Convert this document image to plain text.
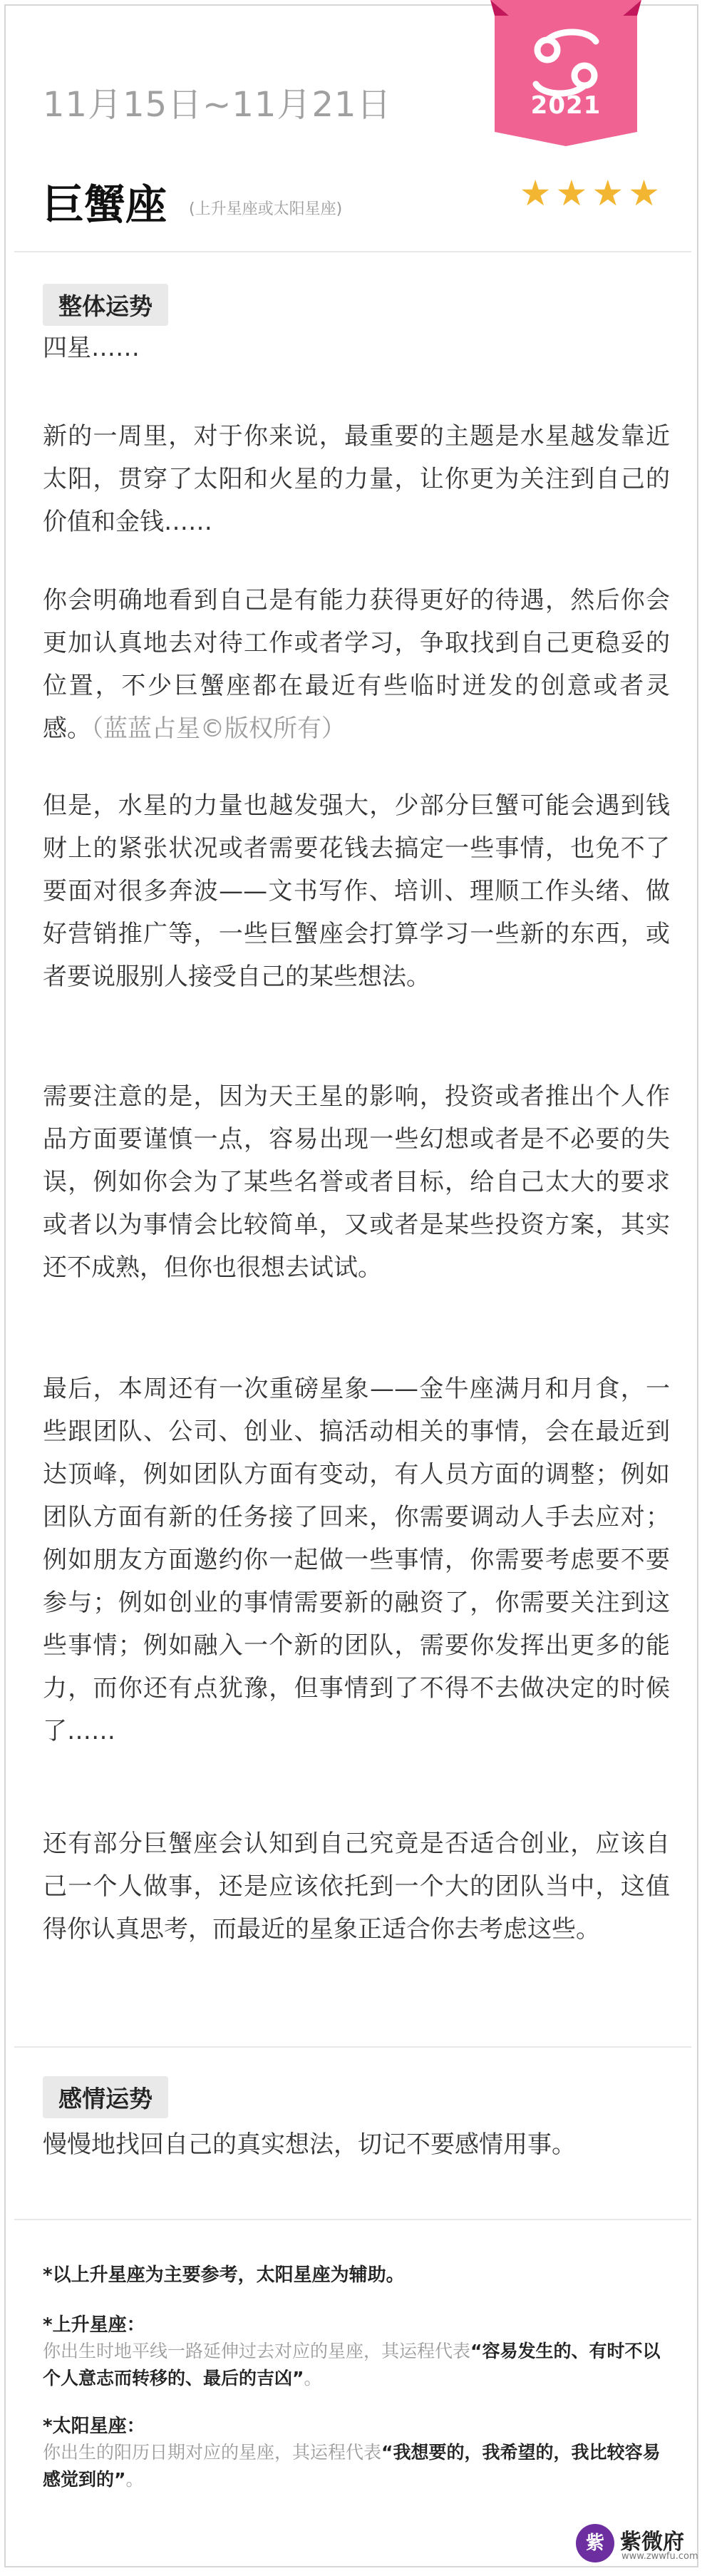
2021
11月15日~11月21日
巨蟹座 (上升星座或太阳星座)	★★★★
整体运势

四星……

新的一周里，对于你来说，最重要的主题是水星越发靠近太阳，贯穿了太阳和火星的力量，让你更为关注到自己的价值和金钱……

你会明确地看到自己是有能力获得更好的待遇，然后你会更加认真地去对待工作或者学习，争取找到自己更稳妥的位置，不少巨蟹座都在最近有些临时迸发的创意或者灵感。（蓝蓝占星©版权所有）

但是，水星的力量也越发强大，少部分巨蟹可能会遇到钱财上的紧张状况或者需要花钱去搞定一些事情，也免不了要面对很多奔波——文书写作、培训、理顺工作头绪、做好营销推广等，一些巨蟹座会打算学习一些新的东西，或者要说服别人接受自己的某些想法。

需要注意的是，因为天王星的影响，投资或者推出个人作品方面要谨慎一点，容易出现一些幻想或者是不必要的失误，例如你会为了某些名誉或者目标，给自己太大的要求或者以为事情会比较简单，又或者是某些投资方案，其实还不成熟，但你也很想去试试。

最后，本周还有一次重磅星象——金牛座满月和月食，一些跟团队、公司、创业、搞活动相关的事情，会在最近到达顶峰，例如团队方面有变动，有人员方面的调整；例如团队方面有新的任务接了回来，你需要调动人手去应对；例如朋友方面邀约你一起做一些事情，你需要考虑要不要参与；例如创业的事情需要新的融资了，你需要关注到这些事情；例如融入一个新的团队，需要你发挥出更多的能力，而你还有点犹豫，但事情到了不得不去做决定的时候了……

还有部分巨蟹座会认知到自己究竟是否适合创业，应该自己一个人做事，还是应该依托到一个大的团队当中，这值得你认真思考，而最近的星象正适合你去考虑这些。

感情运势

慢慢地找回自己的真实想法，切记不要感情用事。

*以上升星座为主要参考，太阳星座为辅助。

*上升星座：
你出生时地平线一路延伸过去对应的星座，其运程代表“容易发生的、有时不以个人意志而转移的、最后的吉凶”。
*太阳星座：
你出生的阳历日期对应的星座，其运程代表“我想要的，我希望的，我比较容易感觉到的”。
紫 紫微府
www.zwwfu.com
